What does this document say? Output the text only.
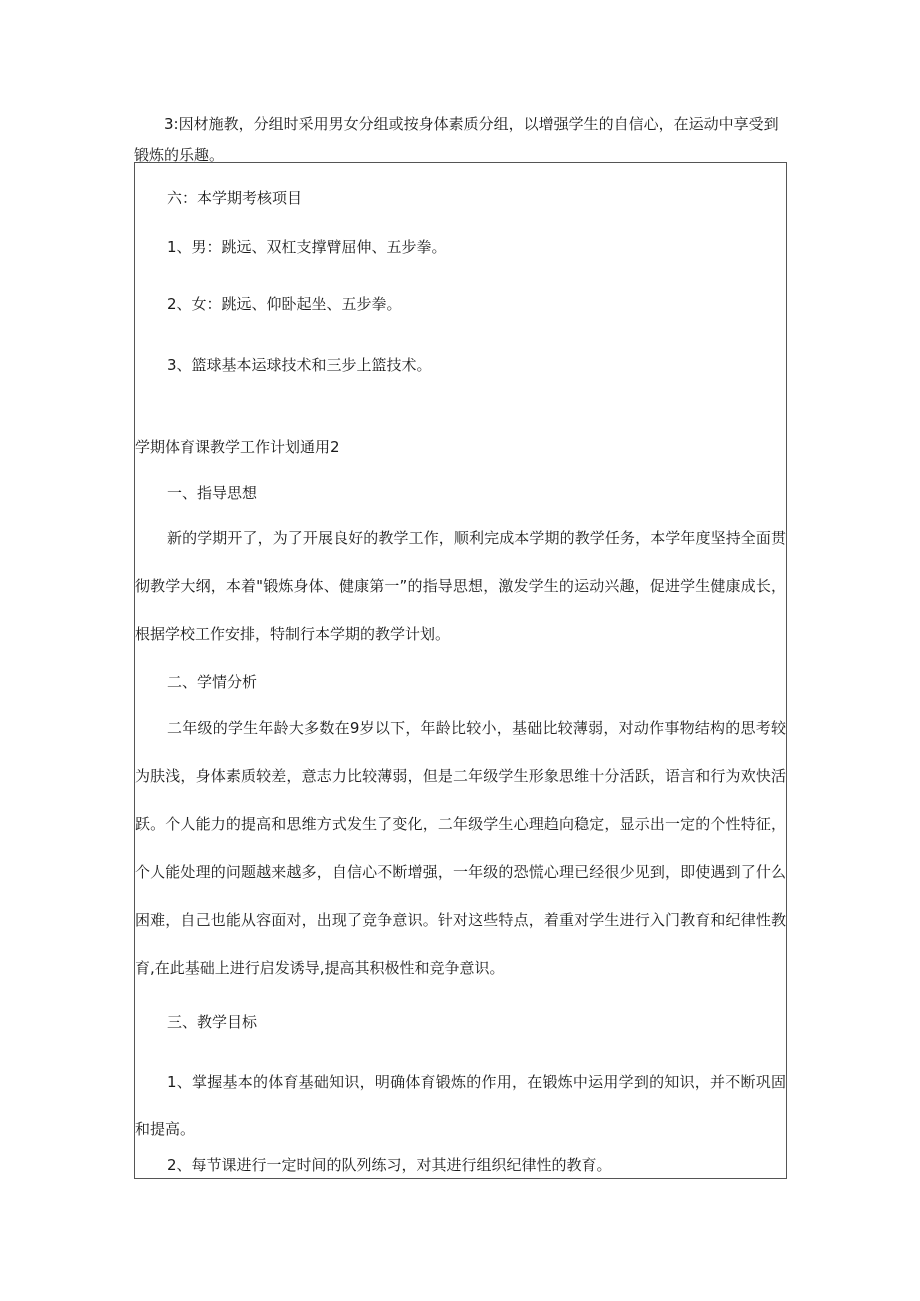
3:因材施教，分组时采用男女分组或按身体素质分组，以增强学生的自信心，在运动中享受到锻炼的乐趣。

六：本学期考核项目

1、男：跳远、双杠支撑臂屈伸、五步拳。

2、女：跳远、仰卧起坐、五步拳。

3、篮球基本运球技术和三步上篮技术。

学期体育课教学工作计划通用2

一、指导思想

新的学期开了，为了开展良好的教学工作，顺利完成本学期的教学任务，本学年度坚持全面贯彻教学大纲，本着"锻炼身体、健康第一”的指导思想，激发学生的运动兴趣，促进学生健康成长，根据学校工作安排，特制行本学期的教学计划。

二、学情分析

二年级的学生年龄大多数在9岁以下，年龄比较小，基础比较薄弱，对动作事物结构的思考较为肤浅，身体素质较差，意志力比较薄弱，但是二年级学生形象思维十分活跃，语言和行为欢快活跃。个人能力的提高和思维方式发生了变化，二年级学生心理趋向稳定，显示出一定的个性特征，个人能处理的问题越来越多，自信心不断增强，一年级的恐慌心理已经很少见到，即使遇到了什么困难，自己也能从容面对，出现了竞争意识。针对这些特点，着重对学生进行入门教育和纪律性教育,在此基础上进行启发诱导,提高其积极性和竞争意识。

三、教学目标

1、掌握基本的体育基础知识，明确体育锻炼的作用，在锻炼中运用学到的知识，并不断巩固和提高。

2、每节课进行一定时间的队列练习，对其进行组织纪律性的教育。
